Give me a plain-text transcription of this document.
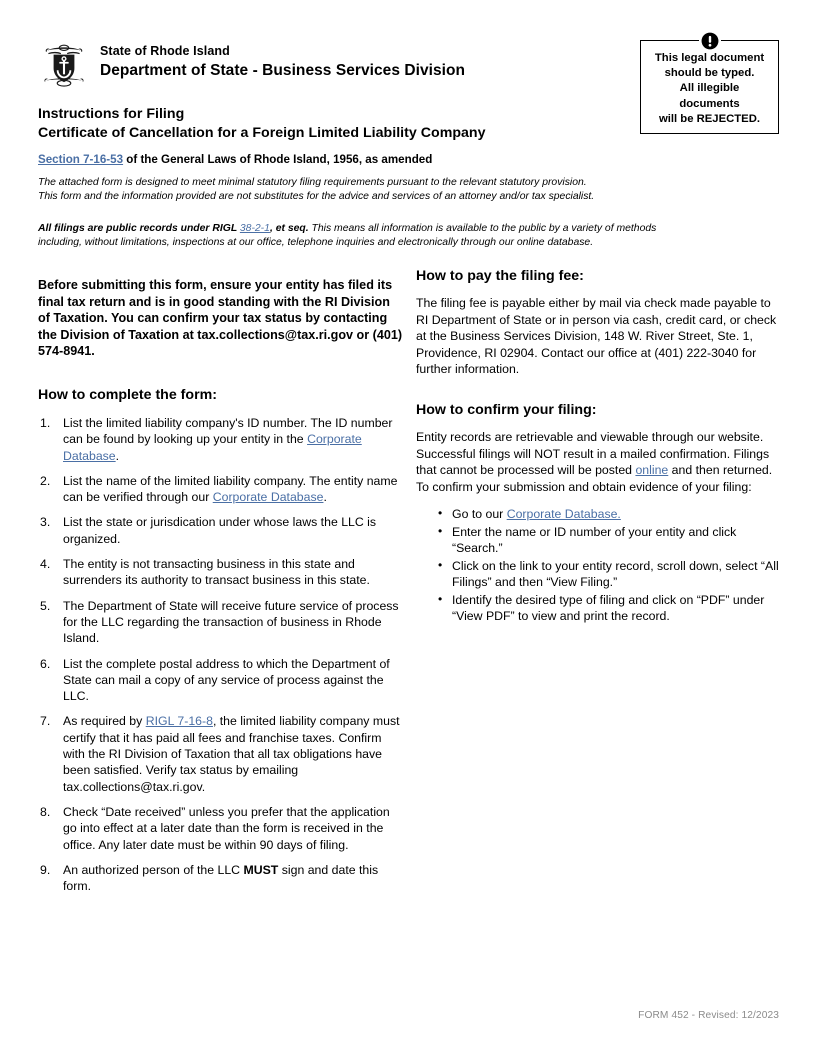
State of Rhode Island
Department of State - Business Services Division
This legal document
should be typed.
All illegible
documents
will be REJECTED.
Instructions for Filing
Certificate of Cancellation for a Foreign Limited Liability Company
Section 7-16-53 of the General Laws of Rhode Island, 1956, as amended
The attached form is designed to meet minimal statutory filing requirements pursuant to the relevant statutory provision.
This form and the information provided are not substitutes for the advice and services of an attorney and/or tax specialist.
All filings are public records under RIGL 38-2-1, et seq. This means all information is available to the public by a variety of methods including, without limitations, inspections at our office, telephone inquiries and electronically through our online database.
Before submitting this form, ensure your entity has filed its final tax return and is in good standing with the RI Division of Taxation. You can confirm your tax status by contacting the Division of Taxation at tax.collections@tax.ri.gov or (401) 574-8941.
How to complete the form:
List the limited liability company's ID number. The ID number can be found by looking up your entity in the Corporate Database.
List the name of the limited liability company. The entity name can be verified through our Corporate Database.
List the state or jurisdication under whose laws the LLC is organized.
The entity is not transacting business in this state and surrenders its authority to transact business in this state.
The Department of State will receive future service of process for the LLC regarding the transaction of business in Rhode Island.
List the complete postal address to which the Department of State can mail a copy of any service of process against the LLC.
As required by RIGL 7-16-8, the limited liability company must certify that it has paid all fees and franchise taxes. Confirm with the RI Division of Taxation that all tax obligations have been satisfied. Verify tax status by emailing tax.collections@tax.ri.gov.
Check “Date received” unless you prefer that the application go into effect at a later date than the form is received in the office. Any later date must be within 90 days of filing.
An authorized person of the LLC MUST sign and date this form.
How to pay the filing fee:
The filing fee is payable either by mail via check made payable to RI Department of State or in person via cash, credit card, or check at the Business Services Division, 148 W. River Street, Ste. 1, Providence, RI 02904. Contact our office at (401) 222-3040 for further information.
How to confirm your filing:
Entity records are retrievable and viewable through our website. Successful filings will NOT result in a mailed confirmation. Filings that cannot be processed will be posted online and then returned. To confirm your submission and obtain evidence of your filing:
• Go to our Corporate Database.
• Enter the name or ID number of your entity and click “Search.”
• Click on the link to your entity record, scroll down, select “All Filings” and then “View Filing.”
• Identify the desired type of filing and click on “PDF” under “View PDF” to view and print the record.
FORM 452 - Revised: 12/2023
